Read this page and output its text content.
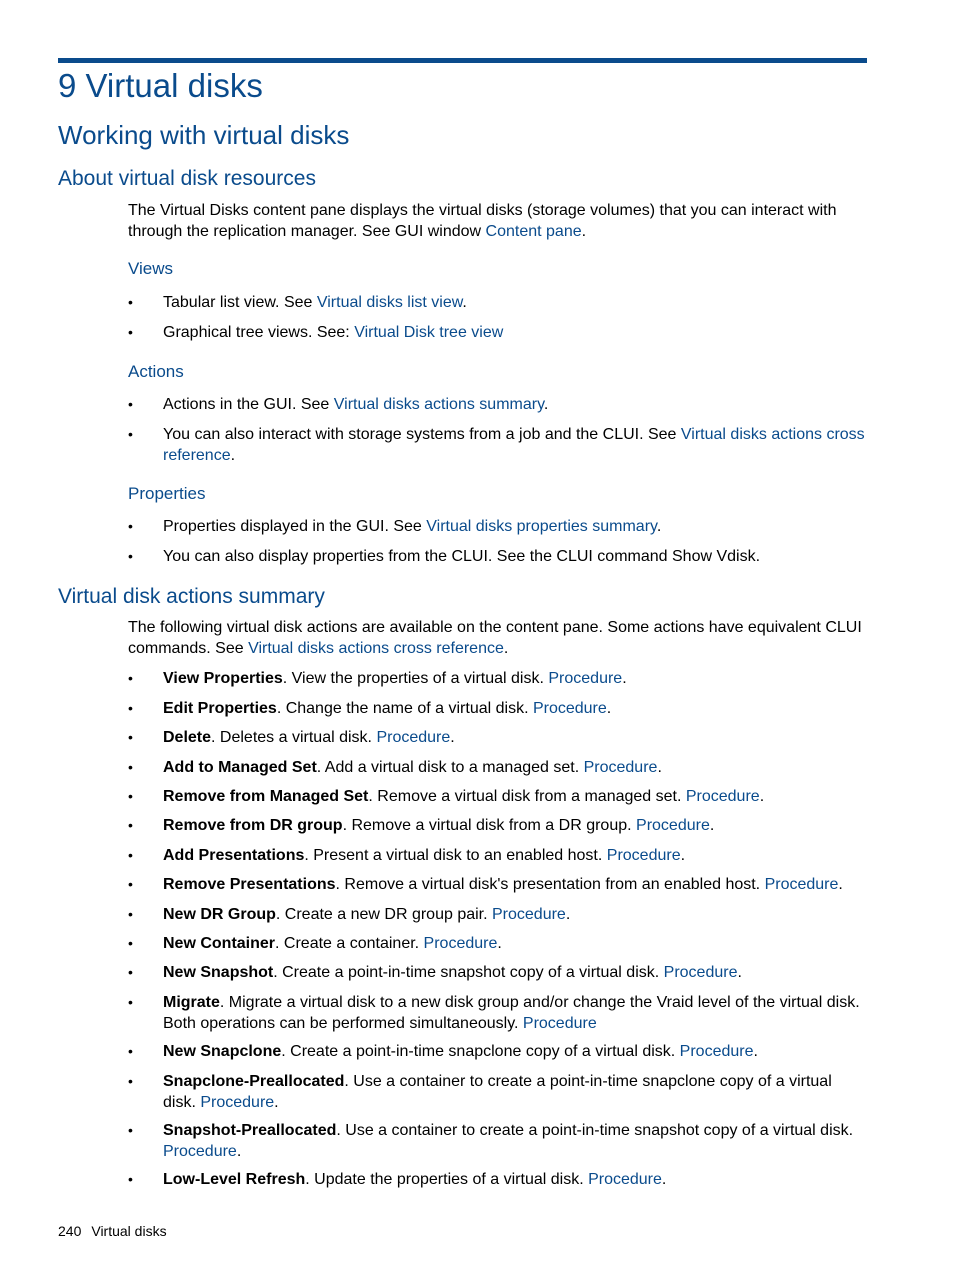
9 Virtual disks
Working with virtual disks
About virtual disk resources

The Virtual Disks content pane displays the virtual disks (storage volumes) that you can interact with through the replication manager. See GUI window Content pane.

Views
• Tabular list view. See Virtual disks list view.

• Graphical tree views. See: Virtual Disk tree view

Actions
• Actions in the GUI. See Virtual disks actions summary.

• You can also interact with storage systems from a job and the CLUI. See Virtual disks actions cross reference.

Properties
• Properties displayed in the GUI. See Virtual disks properties summary.

• You can also display properties from the CLUI. See the CLUI command Show Vdisk.

Virtual disk actions summary

The following virtual disk actions are available on the content pane. Some actions have equivalent CLUI commands. See Virtual disks actions cross reference.

• View Properties. View the properties of a virtual disk. Procedure.

• Edit Properties. Change the name of a virtual disk. Procedure.

• Delete. Deletes a virtual disk. Procedure.

• Add to Managed Set. Add a virtual disk to a managed set. Procedure.

• Remove from Managed Set. Remove a virtual disk from a managed set. Procedure.

• Remove from DR group. Remove a virtual disk from a DR group. Procedure.

• Add Presentations. Present a virtual disk to an enabled host. Procedure.

• Remove Presentations. Remove a virtual disk's presentation from an enabled host. Procedure.

• New DR Group. Create a new DR group pair. Procedure.

• New Container. Create a container. Procedure.

• New Snapshot. Create a point-in-time snapshot copy of a virtual disk. Procedure.

• Migrate. Migrate a virtual disk to a new disk group and/or change the Vraid level of the virtual disk. Both operations can be performed simultaneously. Procedure

• New Snapclone. Create a point-in-time snapclone copy of a virtual disk. Procedure.

• Snapclone-Preallocated. Use a container to create a point-in-time snapclone copy of a virtual disk. Procedure.

• Snapshot-Preallocated. Use a container to create a point-in-time snapshot copy of a virtual disk. Procedure.

• Low-Level Refresh. Update the properties of a virtual disk. Procedure.

240 Virtual disks
